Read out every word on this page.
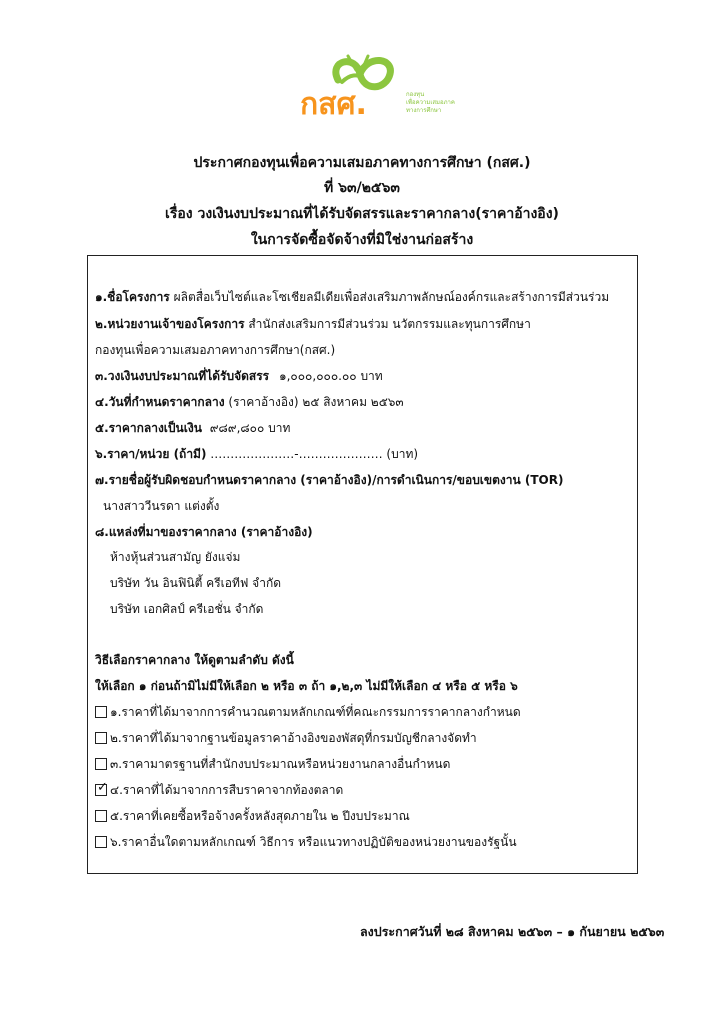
กสศ.	กองทุน
เพื่อความเสมอภาค
ทางการศึกษา
ประกาศกองทุนเพื่อความเสมอภาคทางการศึกษา (กสศ.)
ที่ ๖๓/๒๕๖๓
เรื่อง วงเงินงบประมาณที่ได้รับจัดสรรและราคากลาง(ราคาอ้างอิง)
ในการจัดซื้อจัดจ้างที่มิใช่งานก่อสร้าง
๑.ชื่อโครงการ ผลิตสื่อเว็บไซต์และโซเชียลมีเดียเพื่อส่งเสริมภาพลักษณ์องค์กรและสร้างการมีส่วนร่วม
๒.หน่วยงานเจ้าของโครงการ สำนักส่งเสริมการมีส่วนร่วม นวัตกรรมและทุนการศึกษา
กองทุนเพื่อความเสมอภาคทางการศึกษา(กสศ.)
๓.วงเงินงบประมาณที่ได้รับจัดสรร ๑,๐๐๐,๐๐๐.๐๐ บาท
๔.วันที่กำหนดราคากลาง (ราคาอ้างอิง) ๒๕ สิงหาคม ๒๕๖๓
๕.ราคากลางเป็นเงิน ๙๘๙,๘๐๐ บาท
๖.ราคา/หน่วย (ถ้ามี) …………………-………………… (บาท)
๗.รายชื่อผู้รับผิดชอบกำหนดราคากลาง (ราคาอ้างอิง)/การดำเนินการ/ขอบเขตงาน (TOR)
นางสาววีนรดา แต่งตั้ง
๘.แหล่งที่มาของราคากลาง (ราคาอ้างอิง)
ห้างหุ้นส่วนสามัญ ยังแจ่ม
บริษัท วัน อินฟินิตี้ ครีเอทีฟ จำกัด
บริษัท เอกศิลป์ ครีเอชั่น จำกัด
วิธีเลือกราคากลาง ให้ดูตามลำดับ ดังนี้
ให้เลือก ๑ ก่อนถ้ามิไม่มีให้เลือก ๒ หรือ ๓ ถ้า ๑,๒,๓ ไม่มีให้เลือก ๔ หรือ ๕ หรือ ๖
๑.ราคาที่ได้มาจากการคำนวณตามหลักเกณฑ์ที่คณะกรรมการราคากลางกำหนด
๒.ราคาที่ได้มาจากฐานข้อมูลราคาอ้างอิงของพัสดุที่กรมบัญชีกลางจัดทำ
๓.ราคามาตรฐานที่สำนักงบประมาณหรือหน่วยงานกลางอื่นกำหนด
✓ ๔.ราคาที่ได้มาจากการสืบราคาจากท้องตลาด
๕.ราคาที่เคยซื้อหรือจ้างครั้งหลังสุดภายใน ๒ ปีงบประมาณ
๖.ราคาอื่นใดตามหลักเกณฑ์ วิธีการ หรือแนวทางปฏิบัติของหน่วยงานของรัฐนั้น
ลงประกาศวันที่ ๒๘ สิงหาคม ๒๕๖๓ – ๑ กันยายน ๒๕๖๓
